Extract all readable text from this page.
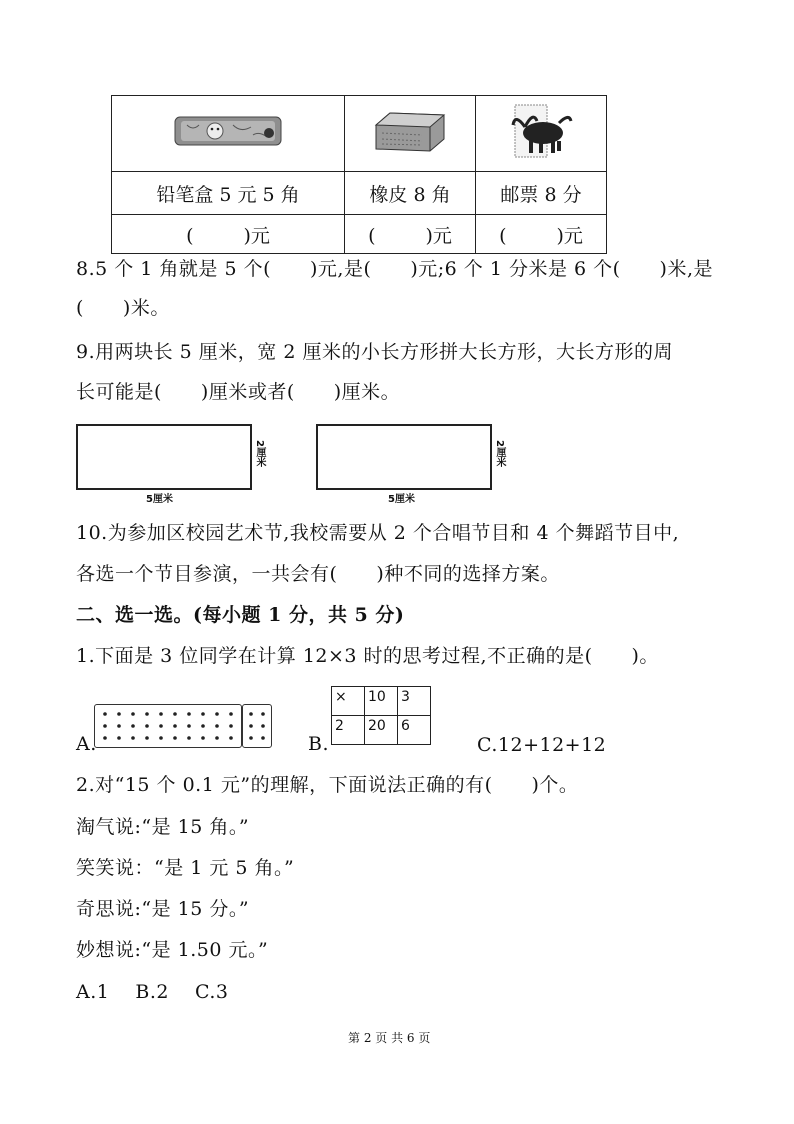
铅笔盒 5 元 5 角	橡皮 8 角	邮票 8 分
( )元	( )元	( )元
8.5 个 1 角就是 5 个(　　)元,是(　　)元;6 个 1 分米是 6 个(　　)米,是
(　　)米。
9.用两块长 5 厘米，宽 2 厘米的小长方形拼大长方形，大长方形的周
长可能是(　　)厘米或者(　　)厘米。
2厘米
5厘米
2厘米
5厘米
10.为参加区校园艺术节,我校需要从 2 个合唱节目和 4 个舞蹈节目中,
各选一个节目参演，一共会有(　　)种不同的选择方案。
二、选一选。(每小题 1 分，共 5 分)
1.下面是 3 位同学在计算 12×3 时的思考过程,不正确的是(　　)。
A.	B.
×	10	3
2	20	6
C.12+12+12
2.对“15 个 0.1 元”的理解，下面说法正确的有(　　)个。
淘气说:“是 15 角。”
笑笑说：“是 1 元 5 角。”
奇思说:“是 15 分。”
妙想说:“是 1.50 元。”
A.1　 B.2　 C.3
第 2 页 共 6 页
